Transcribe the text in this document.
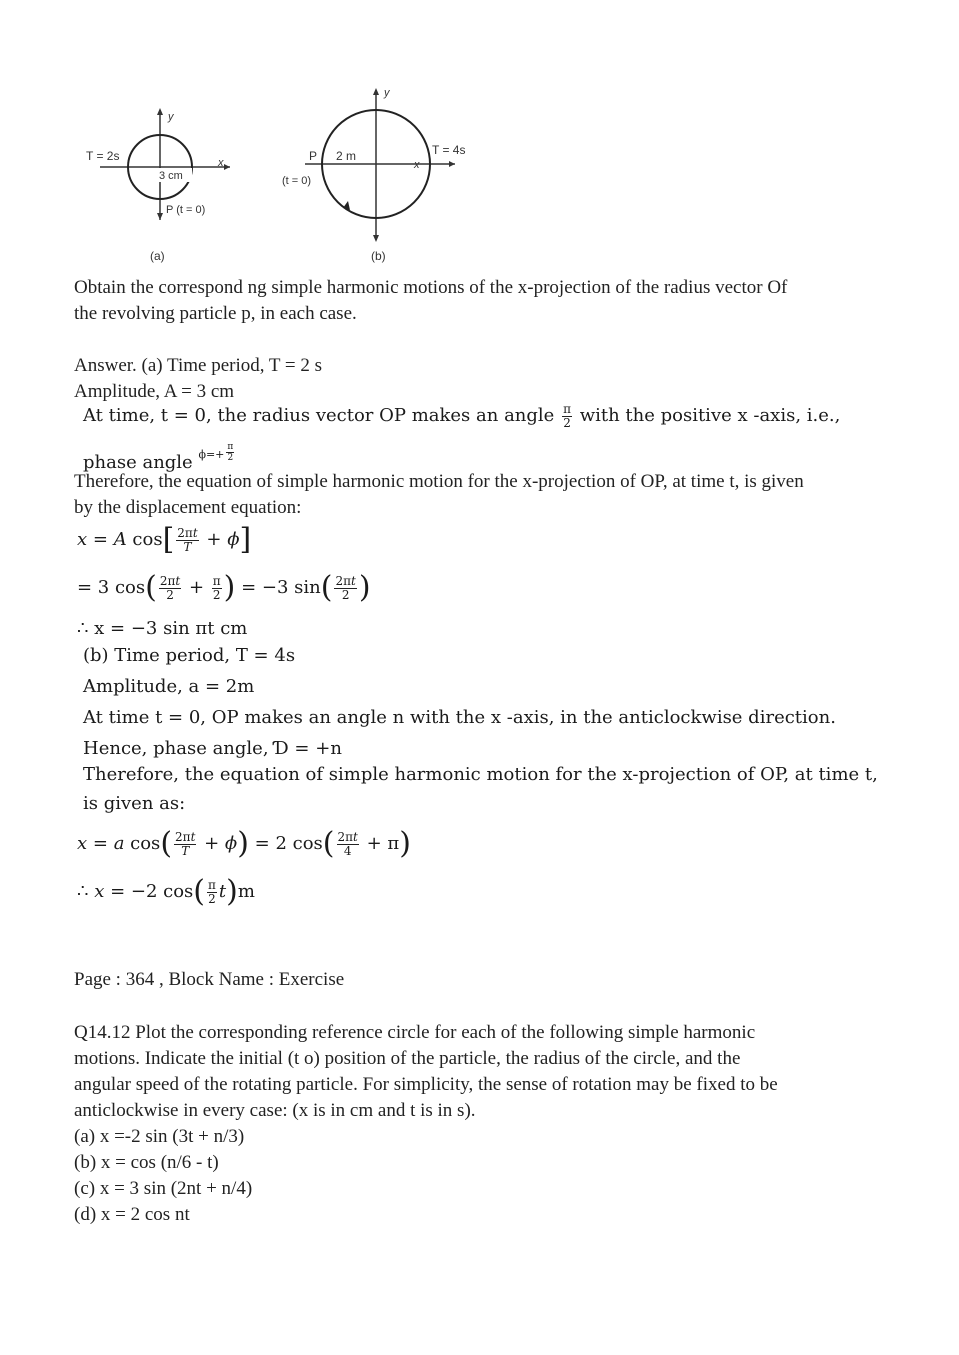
T = 2s
y
x
3 cm
P (t = 0)
(a)
y
x
P
(t = 0)
2 m	T = 4s
(b)
Obtain the correspond ng simple harmonic motions of the x-projection of the radius vector Of
the revolving particle p, in each case.
Answer. (a) Time period, T = 2 s
Amplitude, A = 3 cm
At time, t = 0, the radius vector OP makes an angle $\frac{\pi}{2}$ with the positive x -axis, i.e.,
phase angle $^{\phi=+} \frac{\pi}{2}$
Therefore, the equation of simple harmonic motion for the x-projection of OP, at time t, is given
by the displacement equation:
x = A $\cos[ \frac{2\pi t}{T} + \phi]$
= 3 $\cos( \frac{2\pi t}{2} + \frac{\pi}{2}$ ) = −3 $\sin( \frac{2\pi t}{2}$ )
∴ x = −3 sin πt cm
(b) Time period, T = 4s
Amplitude, a = 2m
At time t = 0, OP makes an angle n with the x -axis, in the anticlockwise direction.
Hence, phase angle, Ɗ = +n
Therefore, the equation of simple harmonic motion for the x-projection of OP, at time t,
is given as:
x = a $\cos( \frac{2\pi t}{T} + \phi) = 2$ $\cos( \frac{2\pi t}{4} + \pi)$
∴ x = −2 $\cos( \frac{\pi}{2} t)m$
Page : 364 , Block Name : Exercise
Q14.12 Plot the corresponding reference circle for each of the following simple harmonic
motions. Indicate the initial (t o) position of the particle, the radius of the circle, and the
angular speed of the rotating particle. For simplicity, the sense of rotation may be fixed to be
anticlockwise in every case: (x is in cm and t is in s).
(a) x =-2 sin (3t + n/3)
(b) x = cos (n/6 - t)
(c) x = 3 sin (2nt + n/4)
(d) x = 2 cos nt
